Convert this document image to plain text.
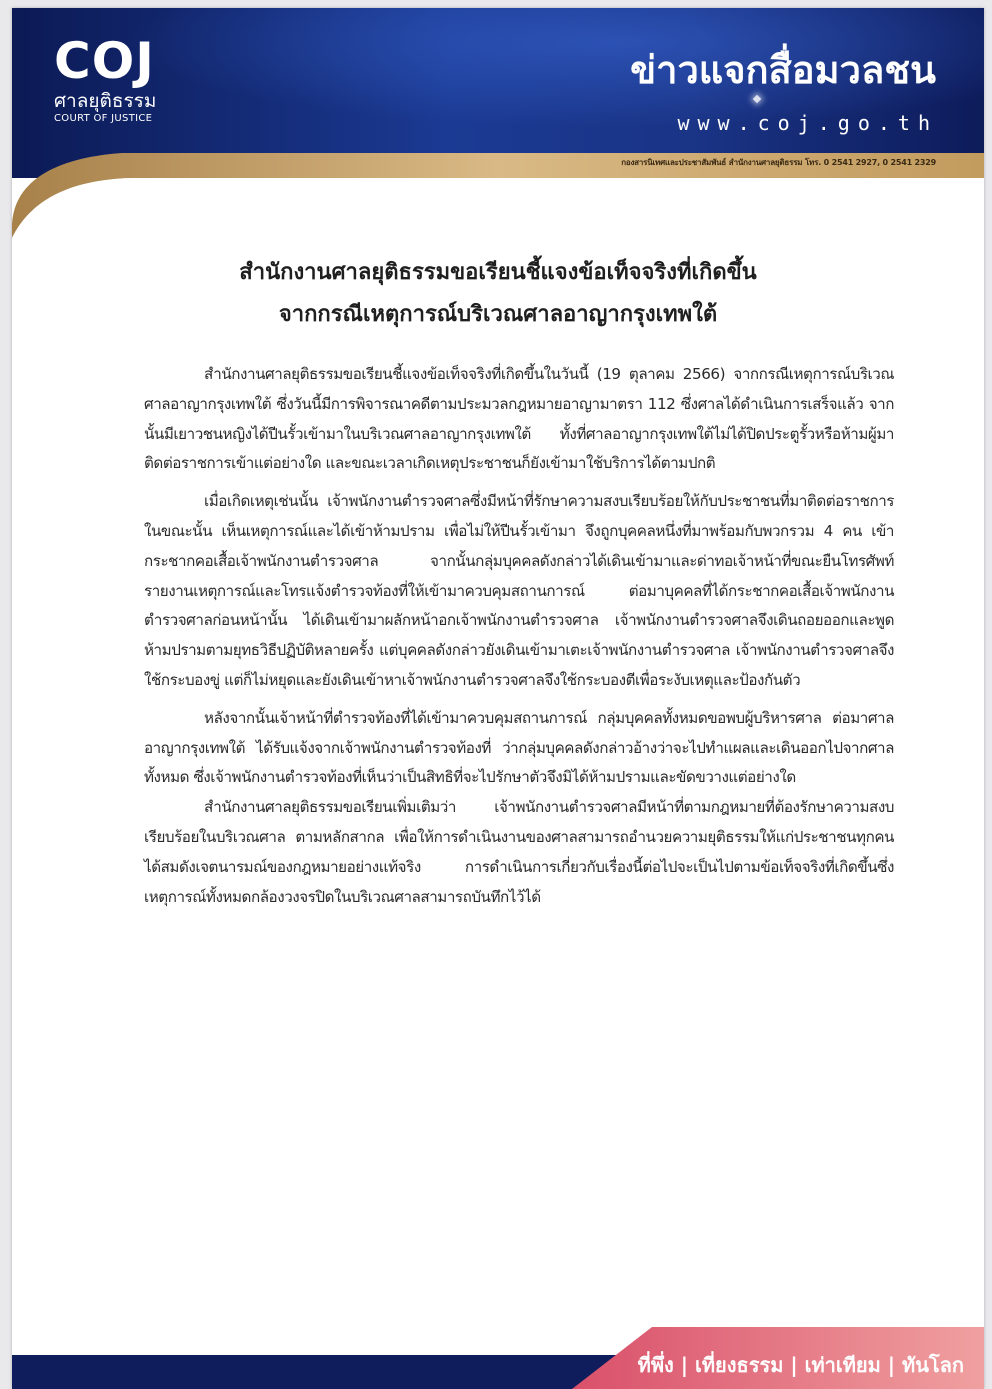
COJ
ศาลยุติธรรม
COURT OF JUSTICE
ข่าวแจกสื่อมวลชน
www.coj.go.th
กองสารนิเทศและประชาสัมพันธ์ สำนักงานศาลยุติธรรม โทร. 0 2541 2927, 0 2541 2329
สำนักงานศาลยุติธรรมขอเรียนชี้แจงข้อเท็จจริงที่เกิดขึ้น
จากกรณีเหตุการณ์บริเวณศาลอาญากรุงเทพใต้

สำนักงานศาลยุติธรรมขอเรียนชี้แจงข้อเท็จจริงที่เกิดขึ้นในวันนี้ (19 ตุลาคม 2566) จากกรณีเหตุการณ์บริเวณศาลอาญากรุงเทพใต้ ซึ่งวันนี้มีการพิจารณาคดีตามประมวลกฎหมายอาญามาตรา 112 ซึ่งศาลได้ดำเนินการเสร็จแล้ว จากนั้นมีเยาวชนหญิงได้ปีนรั้วเข้ามาในบริเวณศาลอาญากรุงเทพใต้ ทั้งที่ศาลอาญากรุงเทพใต้ไม่ได้ปิดประตูรั้วหรือห้ามผู้มาติดต่อราชการเข้าแต่อย่างใด และขณะเวลาเกิดเหตุประชาชนก็ยังเข้ามาใช้บริการได้ตามปกติ

เมื่อเกิดเหตุเช่นนั้น เจ้าพนักงานตำรวจศาลซึ่งมีหน้าที่รักษาความสงบเรียบร้อยให้กับประชาชนที่มาติดต่อราชการในขณะนั้น เห็นเหตุการณ์และได้เข้าห้ามปราม เพื่อไม่ให้ปีนรั้วเข้ามา จึงถูกบุคคลหนึ่งที่มาพร้อมกับพวกรวม 4 คน เข้ากระชากคอเสื้อเจ้าพนักงานตำรวจศาล จากนั้นกลุ่มบุคคลดังกล่าวได้เดินเข้ามาและด่าทอเจ้าหน้าที่ขณะยืนโทรศัพท์รายงานเหตุการณ์และโทรแจ้งตำรวจท้องที่ให้เข้ามาควบคุมสถานการณ์ ต่อมาบุคคลที่ได้กระชากคอเสื้อเจ้าพนักงานตำรวจศาลก่อนหน้านั้น ได้เดินเข้ามาผลักหน้าอกเจ้าพนักงานตำรวจศาล เจ้าพนักงานตำรวจศาลจึงเดินถอยออกและพูดห้ามปรามตามยุทธวิธีปฏิบัติหลายครั้ง แต่บุคคลดังกล่าวยังเดินเข้ามาเตะเจ้าพนักงานตำรวจศาล เจ้าพนักงานตำรวจศาลจึงใช้กระบองขู่ แต่ก็ไม่หยุดและยังเดินเข้าหาเจ้าพนักงานตำรวจศาลจึงใช้กระบองตีเพื่อระงับเหตุและป้องกันตัว

หลังจากนั้นเจ้าหน้าที่ตำรวจท้องที่ได้เข้ามาควบคุมสถานการณ์ กลุ่มบุคคลทั้งหมดขอพบผู้บริหารศาล ต่อมาศาลอาญากรุงเทพใต้ ได้รับแจ้งจากเจ้าพนักงานตำรวจท้องที่ ว่ากลุ่มบุคคลดังกล่าวอ้างว่าจะไปทำแผลและเดินออกไปจากศาลทั้งหมด ซึ่งเจ้าพนักงานตำรวจท้องที่เห็นว่าเป็นสิทธิที่จะไปรักษาตัวจึงมิได้ห้ามปรามและขัดขวางแต่อย่างใด

สำนักงานศาลยุติธรรมขอเรียนเพิ่มเติมว่า เจ้าพนักงานตำรวจศาลมีหน้าที่ตามกฎหมายที่ต้องรักษาความสงบเรียบร้อยในบริเวณศาล ตามหลักสากล เพื่อให้การดำเนินงานของศาลสามารถอำนวยความยุติธรรมให้แก่ประชาชนทุกคนได้สมดังเจตนารมณ์ของกฎหมายอย่างแท้จริง การดำเนินการเกี่ยวกับเรื่องนี้ต่อไปจะเป็นไปตามข้อเท็จจริงที่เกิดขึ้นซึ่งเหตุการณ์ทั้งหมดกล้องวงจรปิดในบริเวณศาลสามารถบันทึกไว้ได้

ที่พึ่ง | เที่ยงธรรม | เท่าเทียม | ทันโลก
